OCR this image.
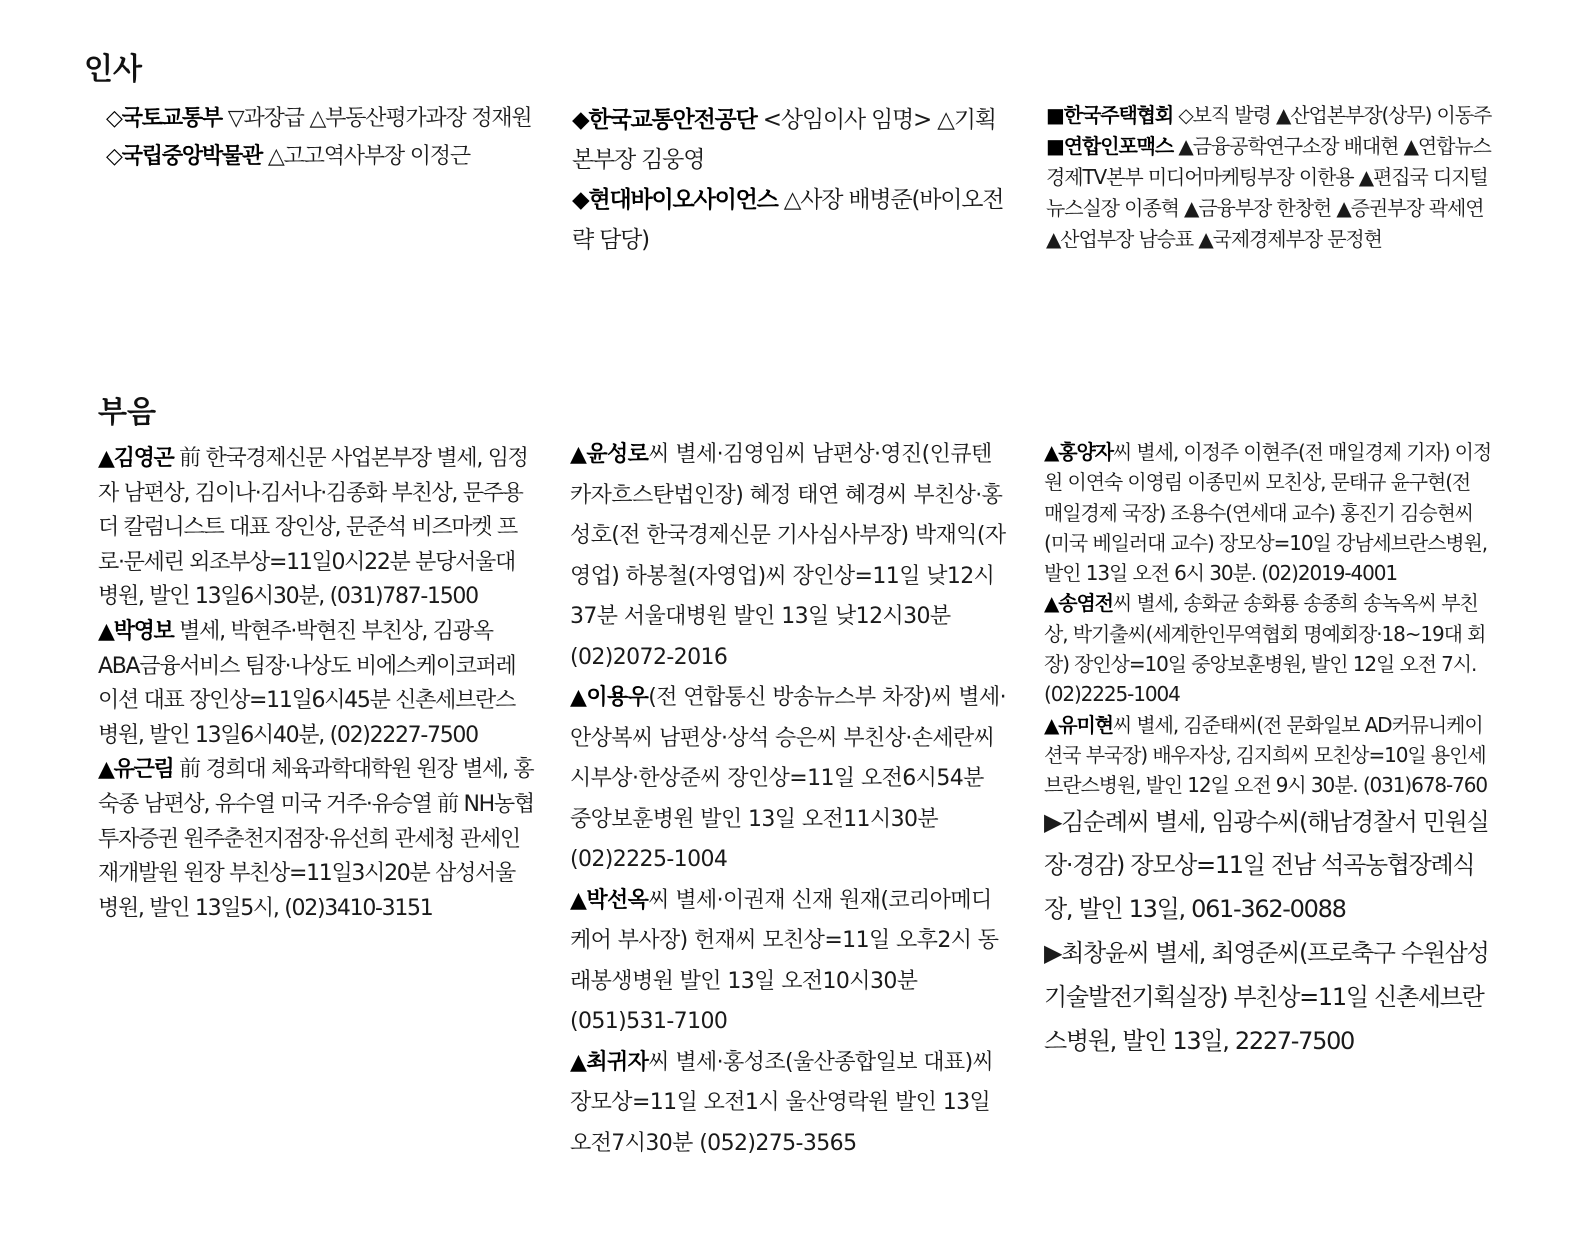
인사

◇국토교통부 ▽과장급 △부동산평가과장 정재원

◇국립중앙박물관 △고고역사부장 이정근

◆한국교통안전공단 <상임이사 임명> △기획본부장 김웅영

◆현대바이오사이언스 △사장 배병준(바이오전략 담당)

■한국주택협회 ◇보직 발령 ▲산업본부장(상무) 이동주

■연합인포맥스 ▲금융공학연구소장 배대현 ▲연합뉴스경제TV본부 미디어마케팅부장 이한용 ▲편집국 디지털뉴스실장 이종혁 ▲금융부장 한창헌 ▲증권부장 곽세연 ▲산업부장 남승표 ▲국제경제부장 문정현

부음

▲김영곤 前 한국경제신문 사업본부장 별세, 임정자 남편상, 김이나·김서나·김종화 부친상, 문주용 더 칼럼니스트 대표 장인상, 문준석 비즈마켓 프로·문세린 외조부상=11일0시22분 분당서울대병원, 발인 13일6시30분, (031)787-1500

▲박영보 별세, 박현주·박현진 부친상, 김광옥 ABA금융서비스 팀장·나상도 비에스케이코퍼레이션 대표 장인상=11일6시45분 신촌세브란스병원, 발인 13일6시40분, (02)2227-7500

▲유근림 前 경희대 체육과학대학원 원장 별세, 홍숙종 남편상, 유수열 미국 거주·유승열 前 NH농협투자증권 원주춘천지점장·유선희 관세청 관세인재개발원 원장 부친상=11일3시20분 삼성서울병원, 발인 13일5시, (02)3410-3151

▲윤성로씨 별세·김영임씨 남편상·영진(인큐텐 카자흐스탄법인장) 혜정 태연 혜경씨 부친상·홍성호(전 한국경제신문 기사심사부장) 박재익(자영업) 하봉철(자영업)씨 장인상=11일 낮12시37분 서울대병원 발인 13일 낮12시30분 (02)2072-2016

▲이용우(전 연합통신 방송뉴스부 차장)씨 별세·안상복씨 남편상·상석 승은씨 부친상·손세란씨 시부상·한상준씨 장인상=11일 오전6시54분 중앙보훈병원 발인 13일 오전11시30분 (02)2225-1004

▲박선옥씨 별세·이권재 신재 원재(코리아메디케어 부사장) 헌재씨 모친상=11일 오후2시 동래봉생병원 발인 13일 오전10시30분 (051)531-7100

▲최귀자씨 별세·홍성조(울산종합일보 대표)씨 장모상=11일 오전1시 울산영락원 발인 13일 오전7시30분 (052)275-3565

▲홍양자씨 별세, 이정주 이현주(전 매일경제 기자) 이정원 이연숙 이영림 이종민씨 모친상, 문태규 윤구현(전 매일경제 국장) 조용수(연세대 교수) 홍진기 김승현씨(미국 베일러대 교수) 장모상=10일 강남세브란스병원, 발인 13일 오전 6시 30분. (02)2019-4001

▲송염전씨 별세, 송화균 송화룡 송종희 송녹옥씨 부친상, 박기출씨(세계한인무역협회 명예회장·18~19대 회장) 장인상=10일 중앙보훈병원, 발인 12일 오전 7시. (02)2225-1004

▲유미현씨 별세, 김준태씨(전 문화일보 AD커뮤니케이션국 부국장) 배우자상, 김지희씨 모친상=10일 용인세브란스병원, 발인 12일 오전 9시 30분. (031)678-760

▶김순례씨 별세, 임광수씨(해남경찰서 민원실장·경감) 장모상=11일 전남 석곡농협장례식장, 발인 13일, 061-362-0088

▶최창윤씨 별세, 최영준씨(프로축구 수원삼성 기술발전기획실장) 부친상=11일 신촌세브란스병원, 발인 13일, 2227-7500
